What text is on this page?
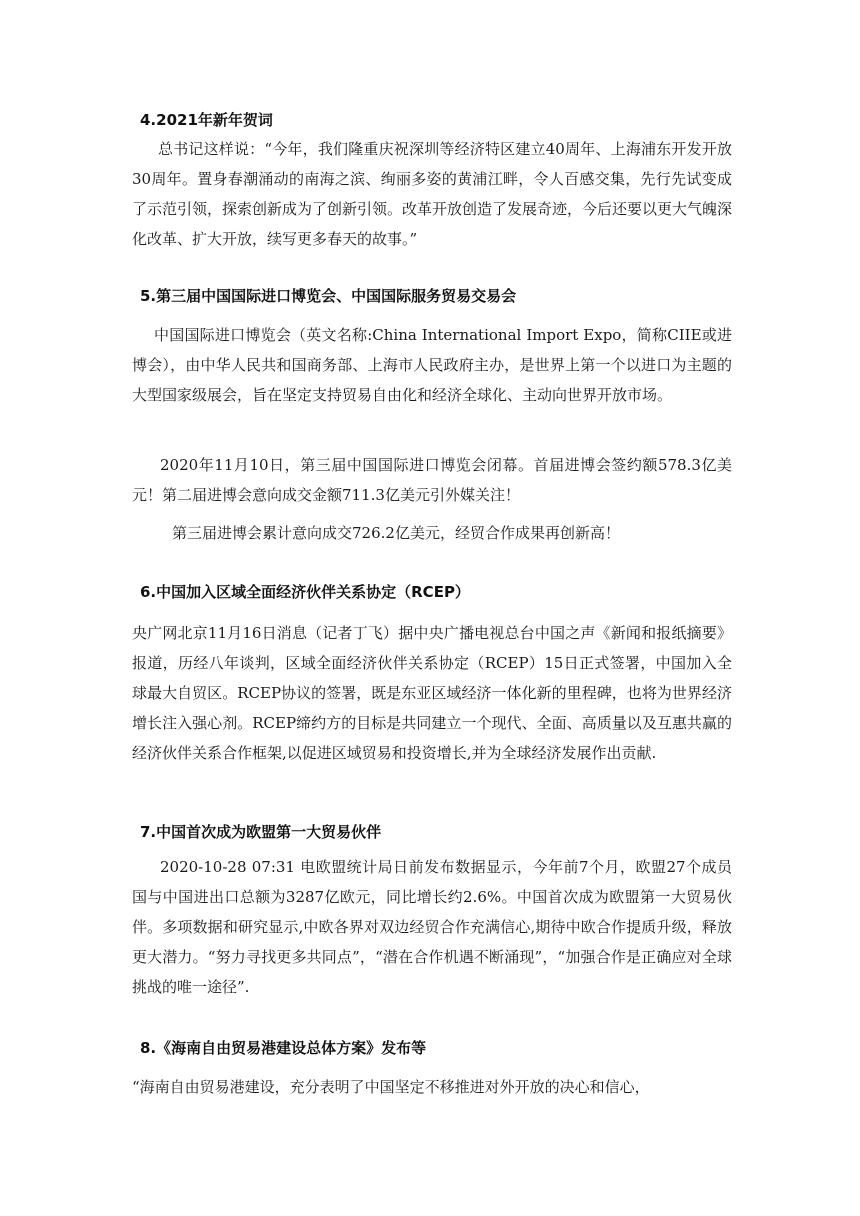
4.2021年新年贺词
总书记这样说：“今年，我们隆重庆祝深圳等经济特区建立40周年、上海浦东开发开放30周年。置身春潮涌动的南海之滨、绚丽多姿的黄浦江畔，令人百感交集，先行先试变成了示范引领，探索创新成为了创新引领。改革开放创造了发展奇迹，今后还要以更大气魄深化改革、扩大开放，续写更多春天的故事。”
5.第三届中国国际进口博览会、中国国际服务贸易交易会
中国国际进口博览会（英文名称:China International Import Expo，简称CIIE或进博会），由中华人民共和国商务部、上海市人民政府主办，是世界上第一个以进口为主题的大型国家级展会，旨在坚定支持贸易自由化和经济全球化、主动向世界开放市场。
2020年11月10日，第三届中国国际进口博览会闭幕。首届进博会签约额578.3亿美元！第二届进博会意向成交金额711.3亿美元引外媒关注！
第三届进博会累计意向成交726.2亿美元，经贸合作成果再创新高！
6.中国加入区域全面经济伙伴关系协定（RCEP）
央广网北京11月16日消息（记者丁飞）据中央广播电视总台中国之声《新闻和报纸摘要》报道，历经八年谈判，区域全面经济伙伴关系协定（RCEP）15日正式签署，中国加入全球最大自贸区。RCEP协议的签署，既是东亚区域经济一体化新的里程碑，也将为世界经济增长注入强心剂。RCEP缔约方的目标是共同建立一个现代、全面、高质量以及互惠共赢的经济伙伴关系合作框架,以促进区域贸易和投资增长,并为全球经济发展作出贡献.
7.中国首次成为欧盟第一大贸易伙伴
2020-10-28 07:31 电欧盟统计局日前发布数据显示，今年前7个月，欧盟27个成员国与中国进出口总额为3287亿欧元，同比增长约2.6%。中国首次成为欧盟第一大贸易伙伴。多项数据和研究显示,中欧各界对双边经贸合作充满信心,期待中欧合作提质升级，释放更大潜力。“努力寻找更多共同点”，“潜在合作机遇不断涌现”，“加强合作是正确应对全球挑战的唯一途径”.
8.《海南自由贸易港建设总体方案》发布等
“海南自由贸易港建设，充分表明了中国坚定不移推进对外开放的决心和信心，
